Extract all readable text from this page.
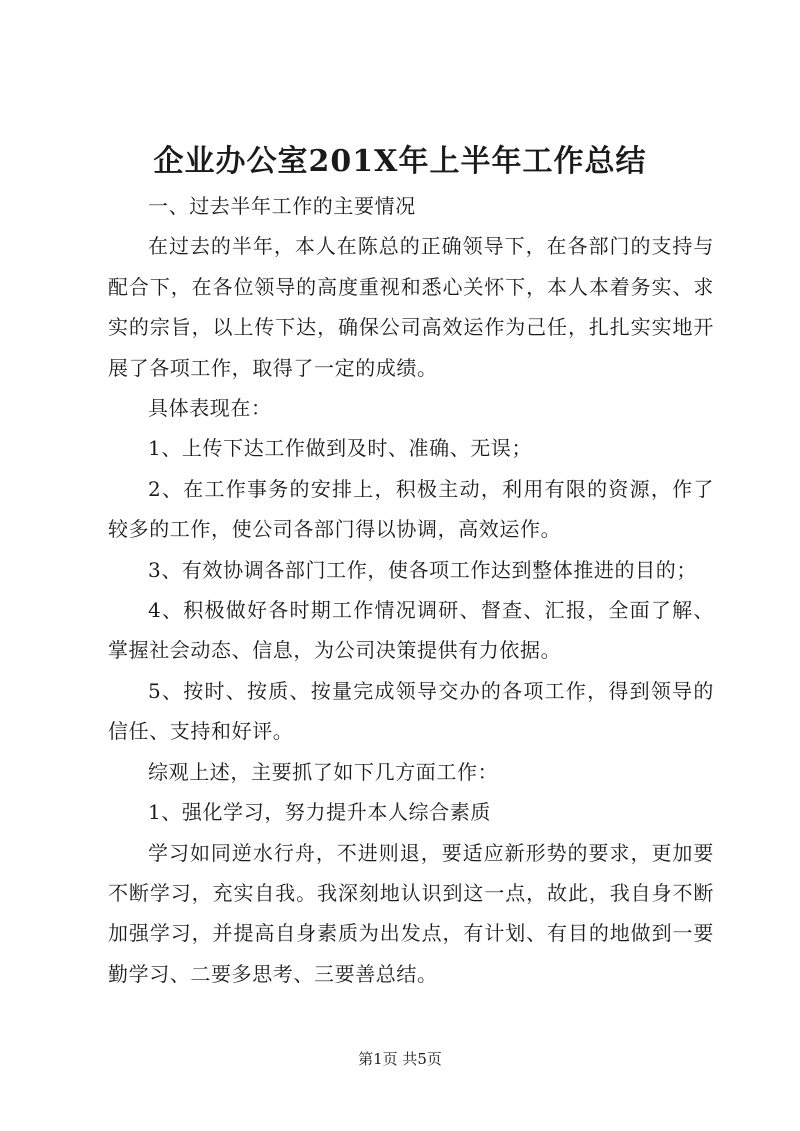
企业办公室201X年上半年工作总结

一、过去半年工作的主要情况

在过去的半年，本人在陈总的正确领导下，在各部门的支持与配合下，在各位领导的高度重视和悉心关怀下，本人本着务实、求实的宗旨，以上传下达，确保公司高效运作为己任，扎扎实实地开展了各项工作，取得了一定的成绩。

具体表现在：

1、上传下达工作做到及时、准确、无误；

2、在工作事务的安排上，积极主动，利用有限的资源，作了较多的工作，使公司各部门得以协调，高效运作。

3、有效协调各部门工作，使各项工作达到整体推进的目的；

4、积极做好各时期工作情况调研、督查、汇报，全面了解、掌握社会动态、信息，为公司决策提供有力依据。

5、按时、按质、按量完成领导交办的各项工作，得到领导的信任、支持和好评。

综观上述，主要抓了如下几方面工作：

1、强化学习，努力提升本人综合素质

学习如同逆水行舟，不进则退，要适应新形势的要求，更加要不断学习，充实自我。我深刻地认识到这一点，故此，我自身不断加强学习，并提高自身素质为出发点，有计划、有目的地做到一要勤学习、二要多思考、三要善总结。

第1页 共5页
